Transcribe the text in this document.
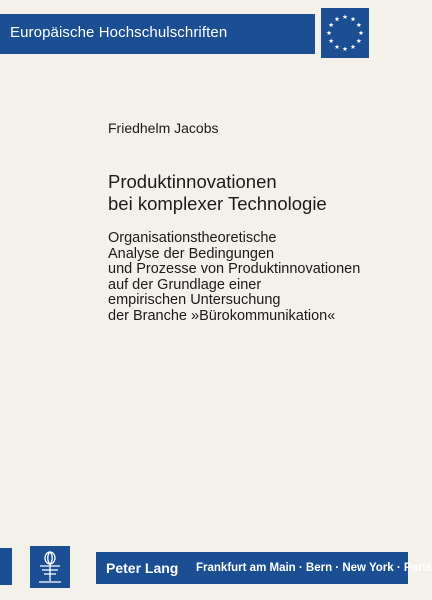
Europäische Hochschulschriften
Friedhelm Jacobs
Produktinnovationen
bei komplexer Technologie
Organisationstheoretische
Analyse der Bedingungen
und Prozesse von Produktinnovationen
auf der Grundlage einer
empirischen Untersuchung
der Branche »Bürokommunikation«
Peter Lang Frankfurt am Main · Bern · New York · Paris
